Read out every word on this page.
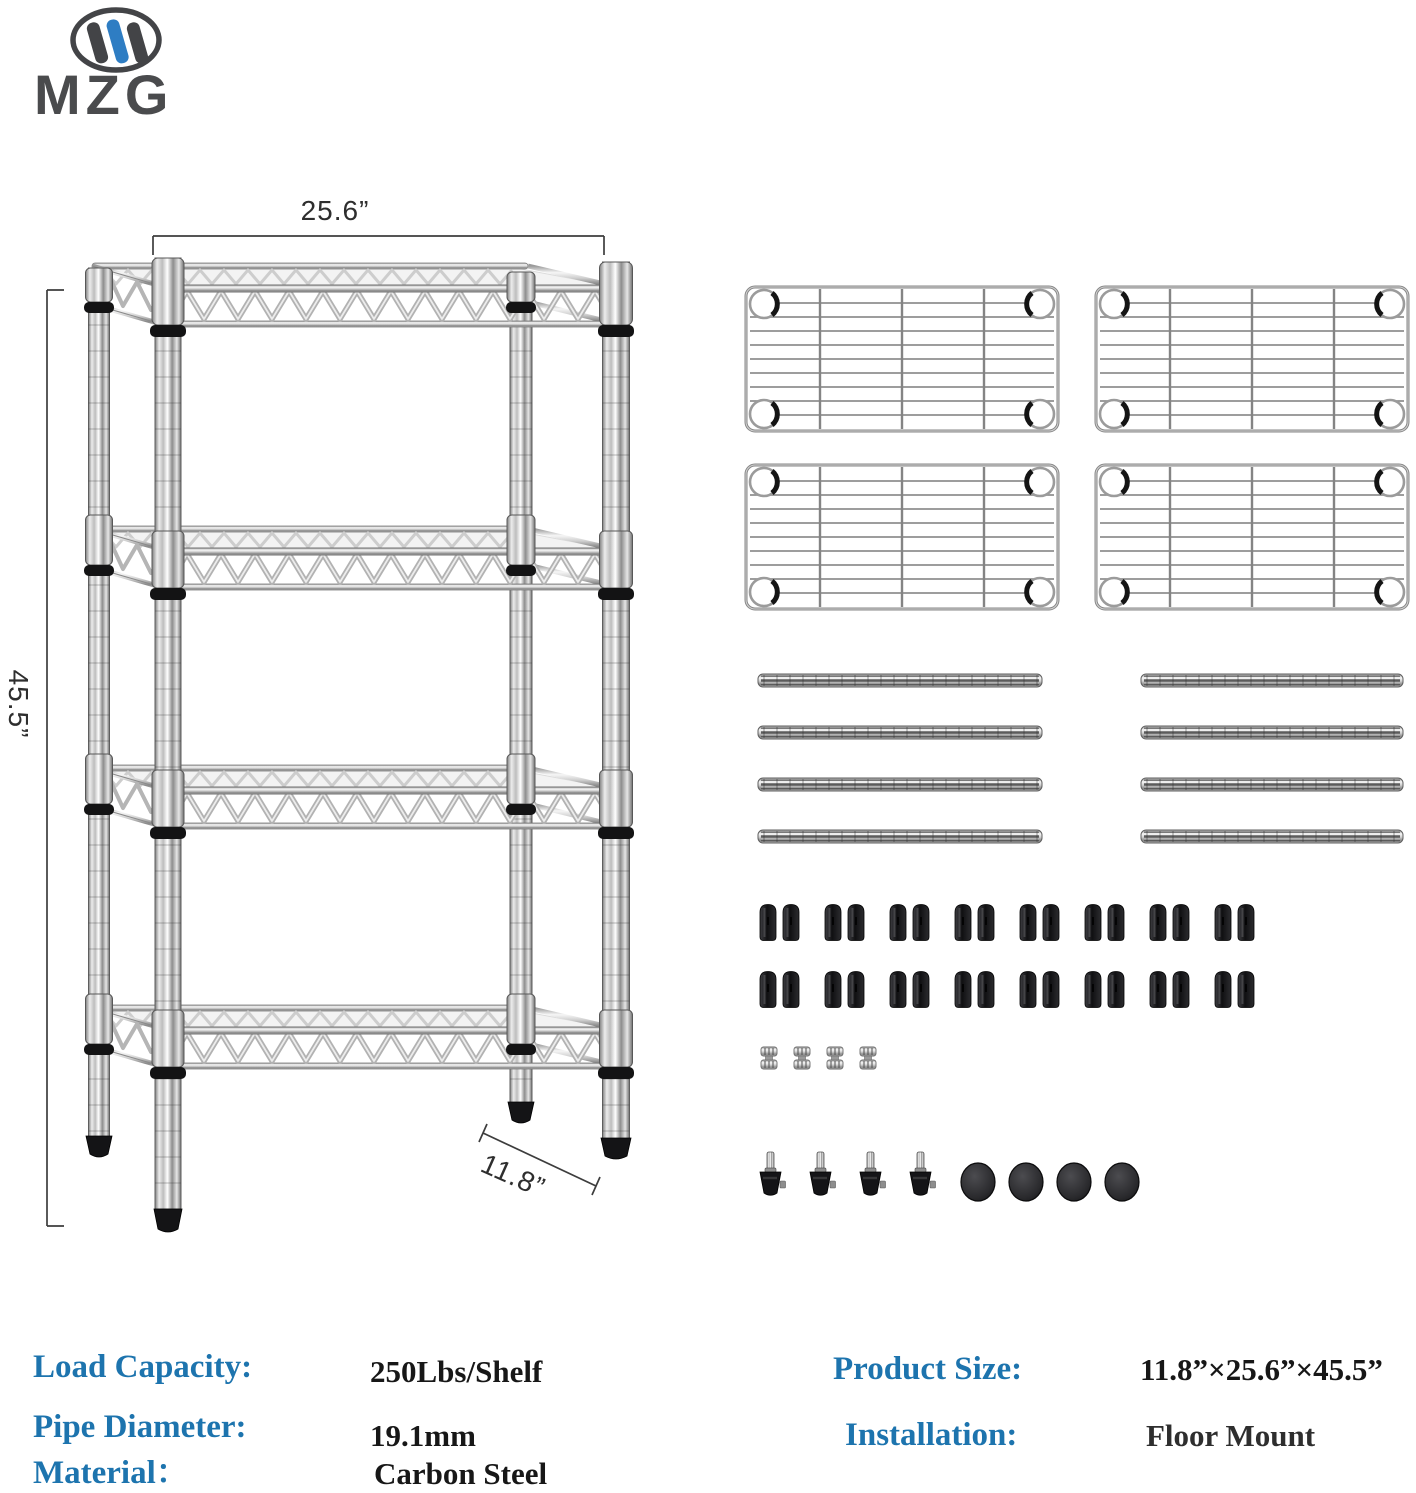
MZG
25.6”
45.5”
11.8”
Load Capacity:	250Lbs/Shelf
Pipe Diameter:	19.1mm
Material：	Carbon Steel
Product Size:	11.8”×25.6”×45.5”
Installation:	Floor Mount
